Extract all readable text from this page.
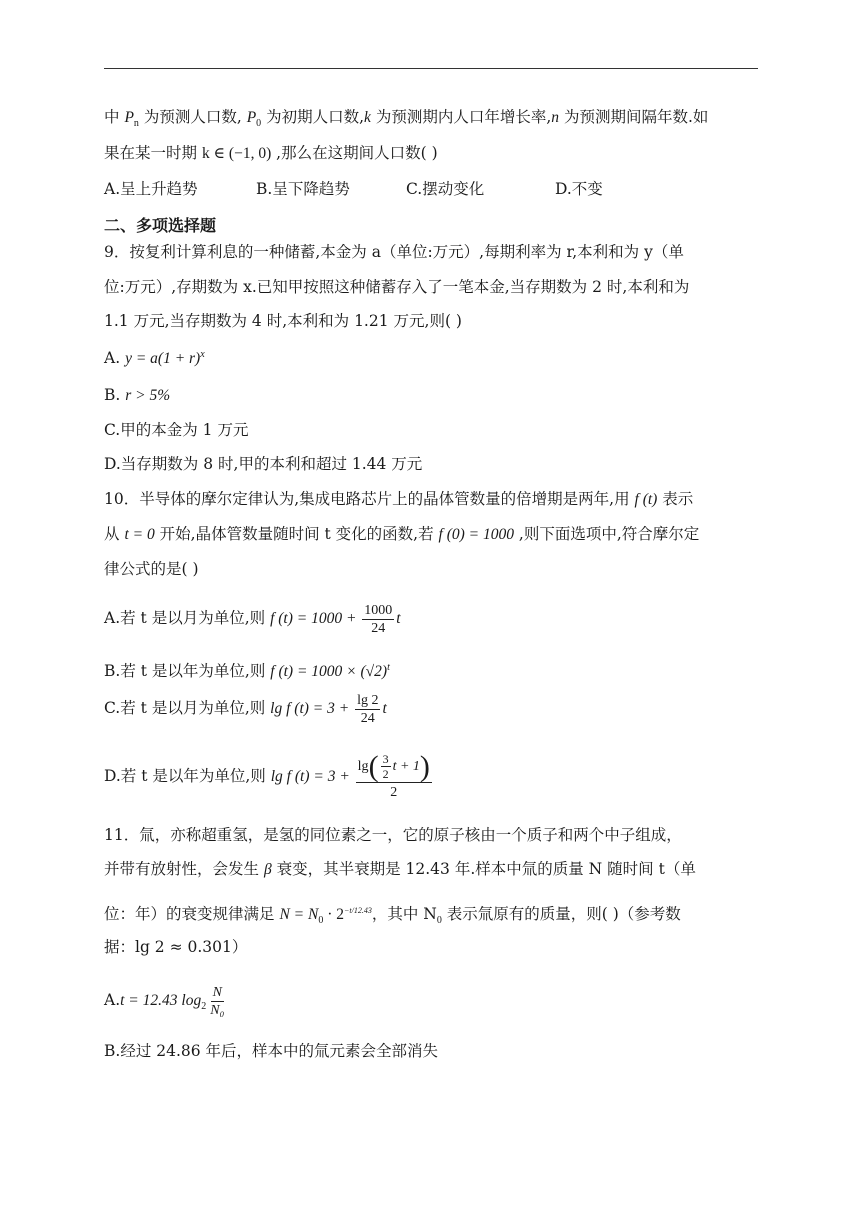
中 $P_n$ 为预测人口数, $P_0$ 为初期人口数,k 为预测期内人口年增长率,n 为预测期间隔年数.如
果在某一时期 k ∈ (−1, 0) ,那么在这期间人口数( )
A.呈上升趋势	B.呈下降趋势	C.摆动变化	D.不变
二、多项选择题
9．按复利计算利息的一种储蓄,本金为 a（单位:万元）,每期利率为 r,本利和为 y（单
位:万元）,存期数为 x.已知甲按照这种储蓄存入了一笔本金,当存期数为 2 时,本利和为
1.1 万元,当存期数为 4 时,本利和为 1.21 万元,则( )
A. $y = a(1 + r)^x$
B. r > 5%
C.甲的本金为 1 万元
D.当存期数为 8 时,甲的本利和超过 1.44 万元
10．半导体的摩尔定律认为,集成电路芯片上的晶体管数量的倍增期是两年,用 f (t) 表示
从 t = 0 开始,晶体管数量随时间 t 变化的函数,若 f (0) = 1000 ,则下面选项中,符合摩尔定
律公式的是( )
A.若 t 是以月为单位,则 f $(t) = 1000 + \frac{1000}{24}$ t
B.若 t 是以年为单位,则 f $(t) = 1000 \times (√2)^t$
C.若 t 是以月为单位,则 lg f $(t) = 3 + \frac{\lg 2}{24}$ t
D.若 t 是以年为单位,则 lg f $(t) = 3 + \frac{\lg ( \frac{3}{2} t + 1 )}{2}$
11．氚，亦称超重氢，是氢的同位素之一，它的原子核由一个质子和两个中子组成，
并带有放射性，会发生 β 衰变，其半衰期是 12.43 年.样本中氚的质量 N 随时间 t（单
位：年）的衰变规律满足 $N = N_0 \cdot 2^{-t/12.43}$，其中 $N_0$ 表示氚原有的质量，则( )（参考数
据：lg 2 ≈ 0.301）
A.t = 12.43 $\log_2 \frac{N}{\text{N₀}}$
B.经过 24.86 年后，样本中的氚元素会全部消失
